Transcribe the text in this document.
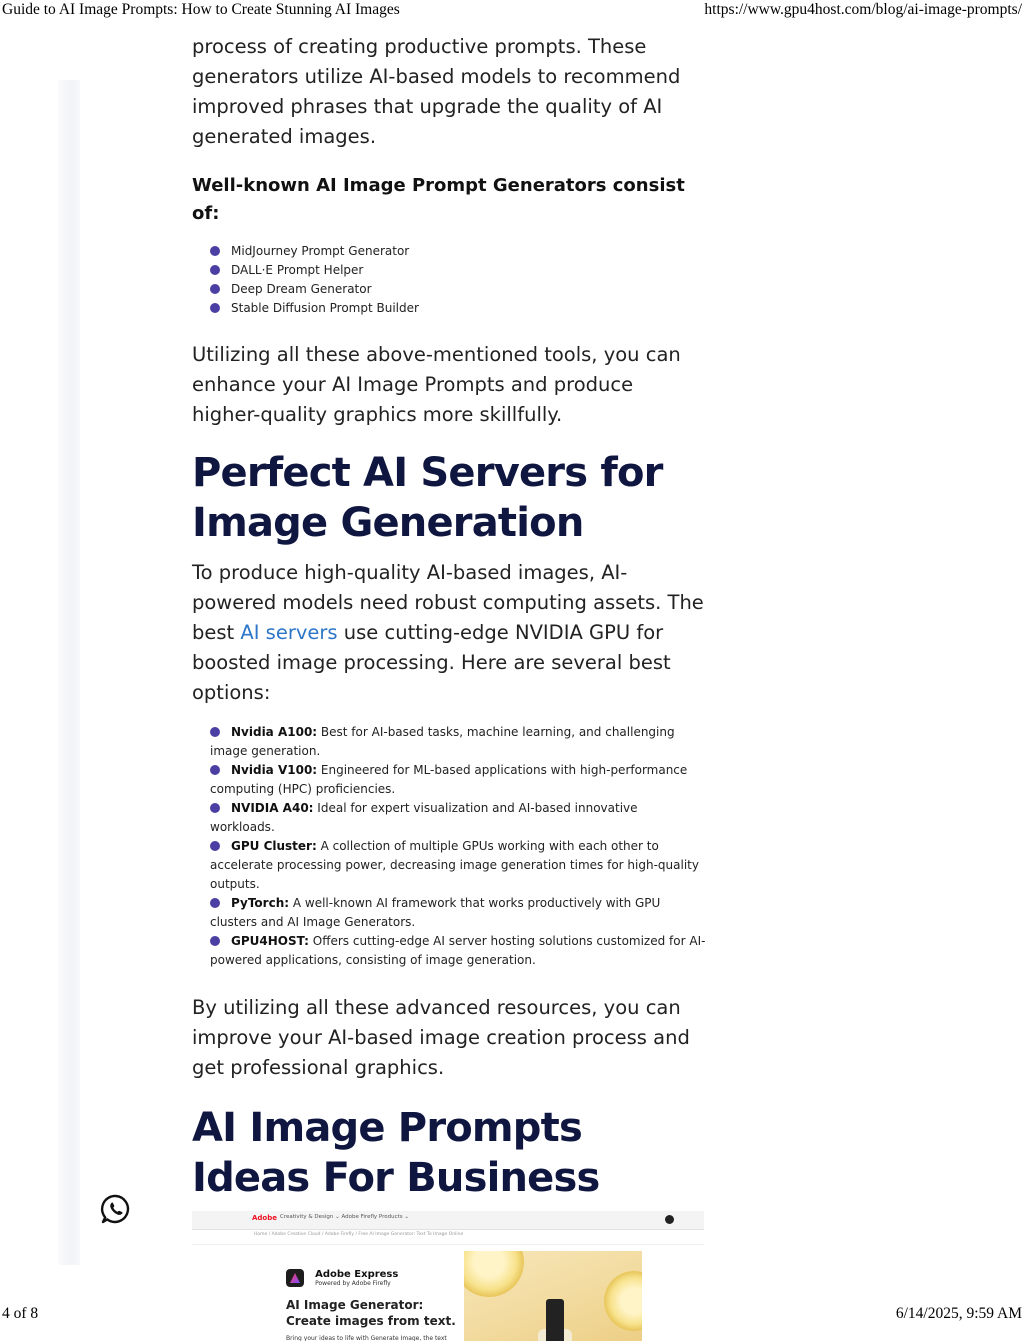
Guide to AI Image Prompts: How to Create Stunning AI Images	https://www.gpu4host.com/blog/ai-image-prompts/

process of creating productive prompts. These

generators utilize AI-based models to recommend improved phrases that upgrade the quality of AI generated images.

Well-known AI Image Prompt Generators consist of:

MidJourney Prompt Generator
DALL·E Prompt Helper
Deep Dream Generator
Stable Diffusion Prompt Builder

Utilizing all these above-mentioned tools, you can enhance your AI Image Prompts and produce higher-quality graphics more skillfully.

Perfect AI Servers for Image Generation

To produce high-quality AI-based images, AI-powered models need robust computing assets. The best AI servers use cutting-edge NVIDIA GPU for boosted image processing. Here are several best options:

Nvidia A100: Best for AI-based tasks, machine learning, and challenging image generation.
Nvidia V100: Engineered for ML-based applications with high-performance computing (HPC) proficiencies.
NVIDIA A40: Ideal for expert visualization and AI-based innovative workloads.
GPU Cluster: A collection of multiple GPUs working with each other to accelerate processing power, decreasing image generation times for high-quality outputs.
PyTorch: A well-known AI framework that works productively with GPU clusters and AI Image Generators.
GPU4HOST: Offers cutting-edge AI server hosting solutions customized for AI-powered applications, consisting of image generation.

By utilizing all these advanced resources, you can improve your AI-based image creation process and get professional graphics.

AI Image Prompts Ideas For Business
Adobe Creativity & Design ⌄ Adobe Firefly Products ⌄
Home / Adobe Creative Cloud / Adobe Firefly / Free AI Image Generator: Text To Image Online

Adobe Express
Powered by Adobe Firefly
AI Image Generator: Create images from text.
Bring your ideas to life with Generate Image, the text
4 of 8	6/14/2025, 9:59 AM
